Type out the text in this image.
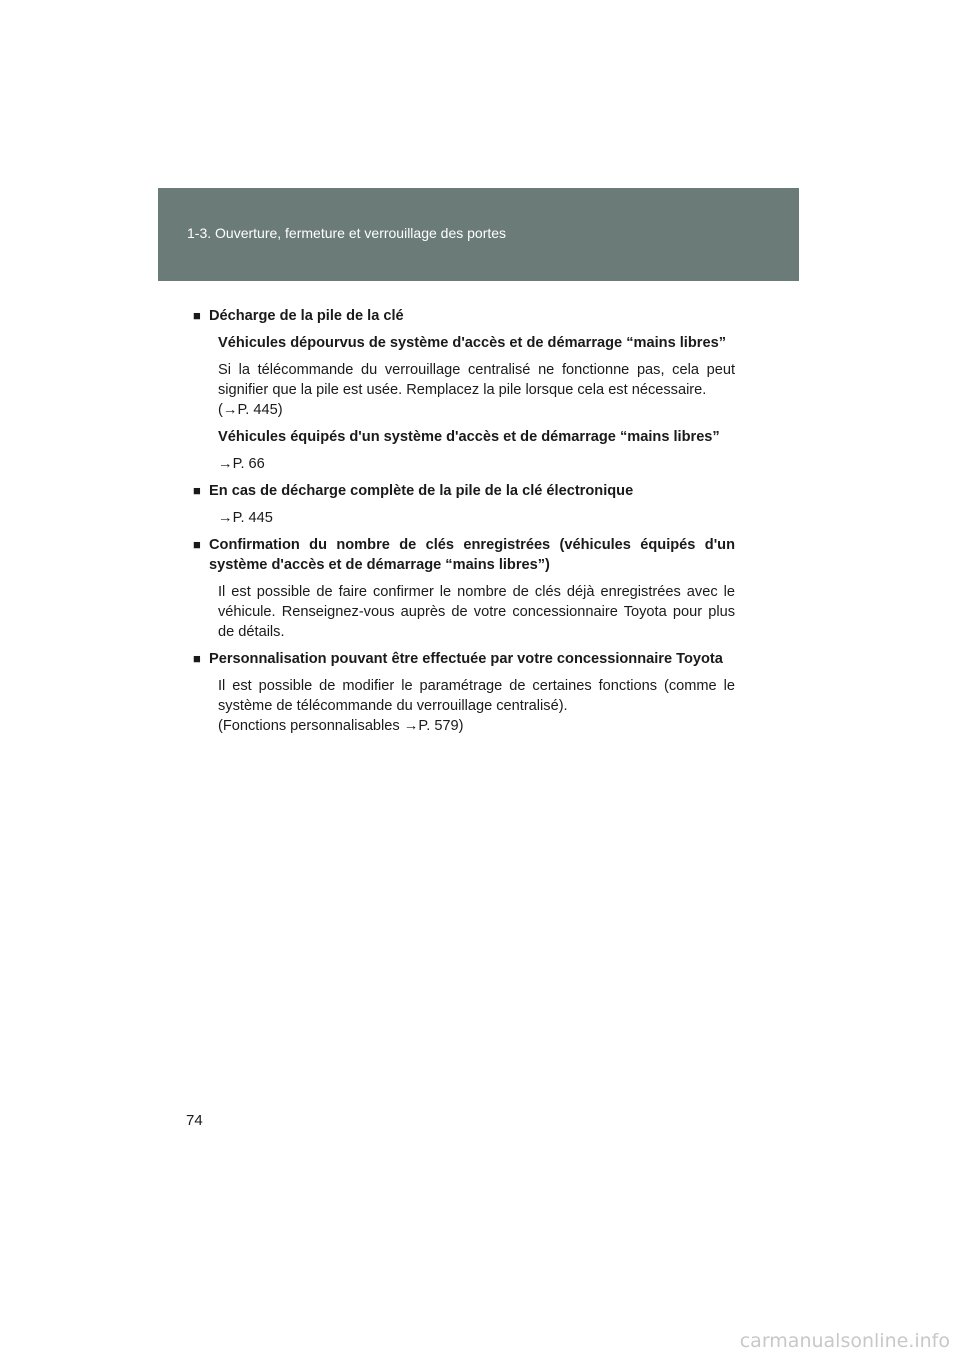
1-3. Ouverture, fermeture et verrouillage des portes
■ Décharge de la pile de la clé
Véhicules dépourvus de système d'accès et de démarrage “mains libres”
Si la télécommande du verrouillage centralisé ne fonctionne pas, cela peut signifier que la pile est usée. Remplacez la pile lorsque cela est nécessaire.
(→P. 445)
Véhicules équipés d'un système d'accès et de démarrage “mains libres”
→P. 66
■ En cas de décharge complète de la pile de la clé électronique
→P. 445
■ Confirmation du nombre de clés enregistrées (véhicules équipés d'un système d'accès et de démarrage “mains libres”)
Il est possible de faire confirmer le nombre de clés déjà enregistrées avec le véhicule. Renseignez-vous auprès de votre concessionnaire Toyota pour plus de détails.
■ Personnalisation pouvant être effectuée par votre concessionnaire Toyota
Il est possible de modifier le paramétrage de certaines fonctions (comme le système de télécommande du verrouillage centralisé).
(Fonctions personnalisables →P. 579)
74
carmanualsonline.info
